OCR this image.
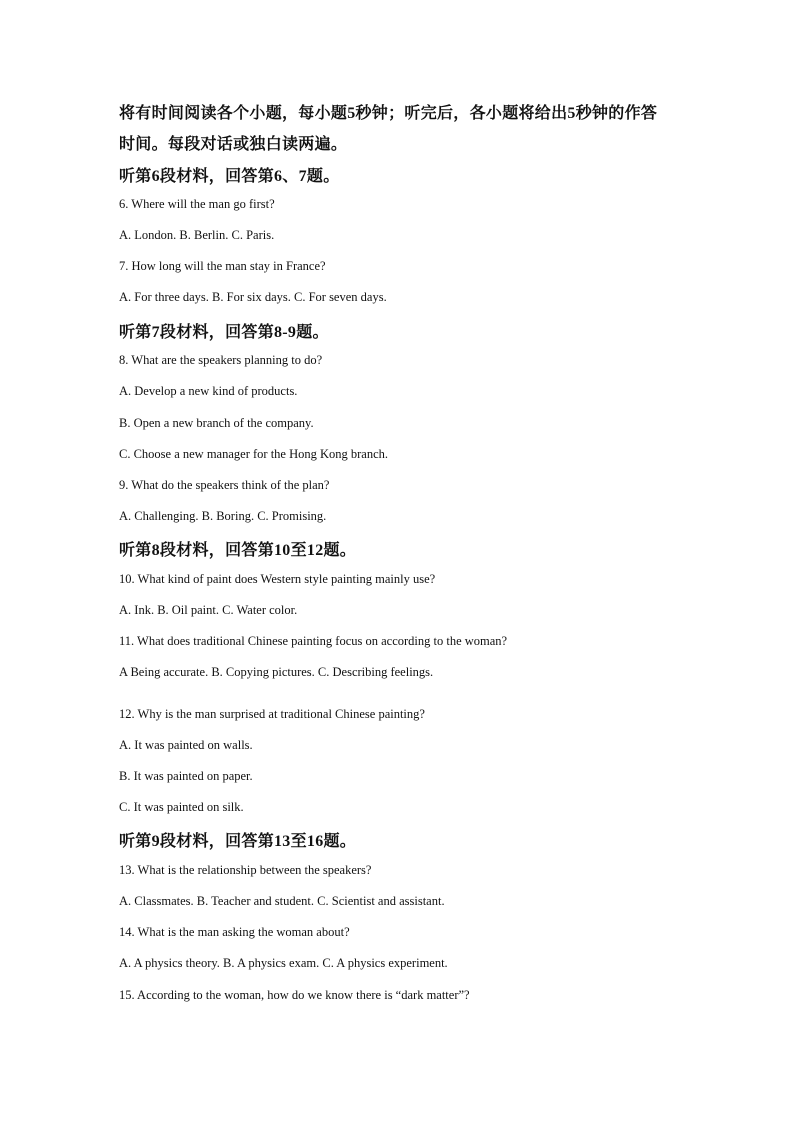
将有时间阅读各个小题，每小题5秒钟；听完后，各小题将给出5秒钟的作答

时间。每段对话或独白读两遍。

听第6段材料，回答第6、7题。

6. Where will the man go first?

A. London. B. Berlin. C. Paris.

7. How long will the man stay in France?

A. For three days. B. For six days. C. For seven days.

听第7段材料，回答第8-9题。

8. What are the speakers planning to do?

A. Develop a new kind of products.

B. Open a new branch of the company.

C. Choose a new manager for the Hong Kong branch.

9. What do the speakers think of the plan?

A. Challenging. B. Boring. C. Promising.

听第8段材料，回答第10至12题。

10. What kind of paint does Western style painting mainly use?

A. Ink. B. Oil paint. C. Water color.

11. What does traditional Chinese painting focus on according to the woman?

A Being accurate. B. Copying pictures. C. Describing feelings.

12. Why is the man surprised at traditional Chinese painting?

A. It was painted on walls.

B. It was painted on paper.

C. It was painted on silk.

听第9段材料，回答第13至16题。

13. What is the relationship between the speakers?

A. Classmates. B. Teacher and student. C. Scientist and assistant.

14. What is the man asking the woman about?

A. A physics theory. B. A physics exam. C. A physics experiment.

15. According to the woman, how do we know there is “dark matter”?
